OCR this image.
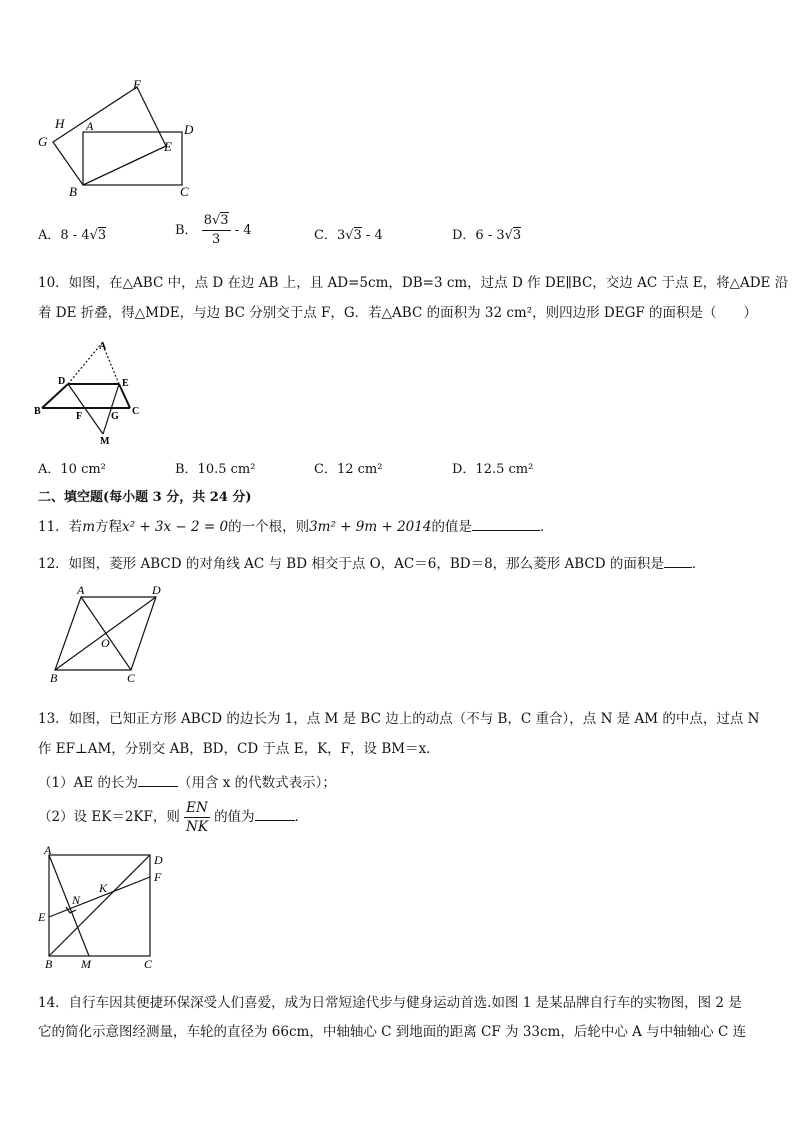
F
H A	D
G	E
B	C
A．8 - 4√3	B． $\frac{8√3}{3} - 4$	C．3√3 - 4	D．6 - 3√3
10．如图，在△ABC 中，点 D 在边 AB 上，且 AD=5cm，DB=3 cm，过点 D 作 DE∥BC，交边 AC 于点 E，将△ADE 沿
着 DE 折叠，得△MDE，与边 BC 分别交于点 F，G．若△ABC 的面积为 32 cm²，则四边形 DEGF 的面积是（　　）
A
D	E
B	F	G C
M
A．10 cm²	B．10.5 cm²	C．12 cm²	D．12.5 cm²
二、填空题(每小题 3 分，共 24 分)
11．若m方程x² + 3x − 2 = 0的一个根，则3m² + 9m + 2014的值是	．
12．如图，菱形 ABCD 的对角线 AC 与 BD 相交于点 O，AC＝6，BD＝8，那么菱形 ABCD 的面积是 ．
A	D
O
B	C
13．如图，已知正方形 ABCD 的边长为 1，点 M 是 BC 边上的动点（不与 B，C 重合），点 N 是 AM 的中点，过点 N
作 EF⊥AM，分别交 AB，BD，CD 于点 E，K，F，设 BM＝x．
（1）AE 的长为	（用含 x 的代数式表示）；
（2）设 EK＝2KF，则 $\frac{EN}{NK}$ 的值为	．
A
D
F
K
N
E
B M	C
14．自行车因其便捷环保深受人们喜爱，成为日常短途代步与健身运动首选.如图 1 是某品牌自行车的实物图，图 2 是
它的简化示意图经测量，车轮的直径为 66cm，中轴轴心 C 到地面的距离 CF 为 33cm，后轮中心 A 与中轴轴心 C 连
